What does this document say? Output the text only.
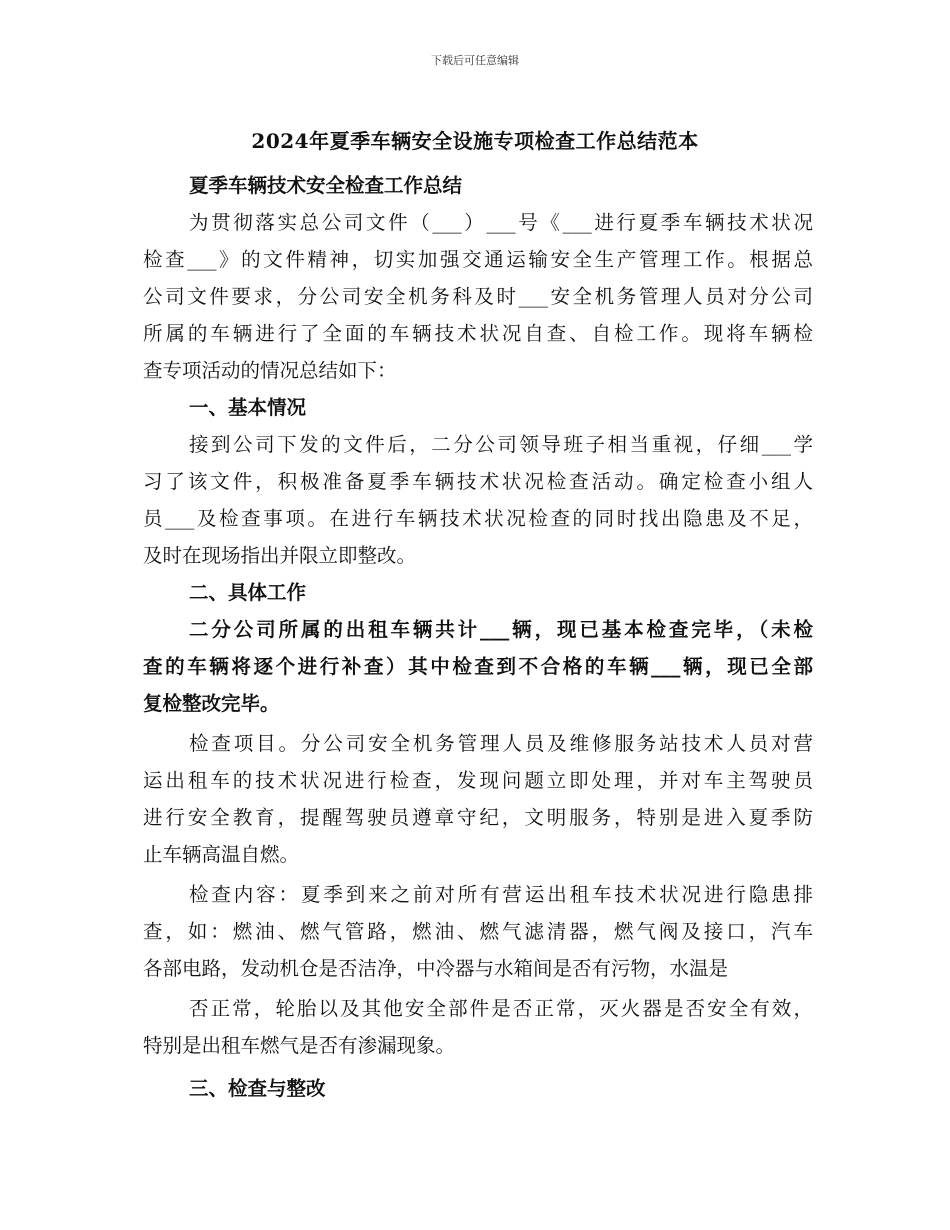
下载后可任意编辑
2024年夏季车辆安全设施专项检查工作总结范本
夏季车辆技术安全检查工作总结
为贯彻落实总公司文件（___）___号《___进行夏季车辆技术状况
检查___》的文件精神，切实加强交通运输安全生产管理工作。根据总
公司文件要求，分公司安全机务科及时___安全机务管理人员对分公司
所属的车辆进行了全面的车辆技术状况自查、自检工作。现将车辆检
查专项活动的情况总结如下：
一、基本情况
接到公司下发的文件后，二分公司领导班子相当重视，仔细___学
习了该文件，积极准备夏季车辆技术状况检查活动。确定检查小组人
员___及检查事项。在进行车辆技术状况检查的同时找出隐患及不足，
及时在现场指出并限立即整改。
二、具体工作
二分公司所属的出租车辆共计___辆，现已基本检查完毕，（未检
查的车辆将逐个进行补查）其中检查到不合格的车辆___辆，现已全部
复检整改完毕。
检查项目。分公司安全机务管理人员及维修服务站技术人员对营
运出租车的技术状况进行检查，发现问题立即处理，并对车主驾驶员
进行安全教育，提醒驾驶员遵章守纪，文明服务，特别是进入夏季防
止车辆高温自燃。
检查内容：夏季到来之前对所有营运出租车技术状况进行隐患排
查，如：燃油、燃气管路，燃油、燃气滤清器，燃气阀及接口，汽车
各部电路，发动机仓是否洁净，中冷器与水箱间是否有污物，水温是
否正常，轮胎以及其他安全部件是否正常，灭火器是否安全有效，
特别是出租车燃气是否有渗漏现象。
三、检查与整改
